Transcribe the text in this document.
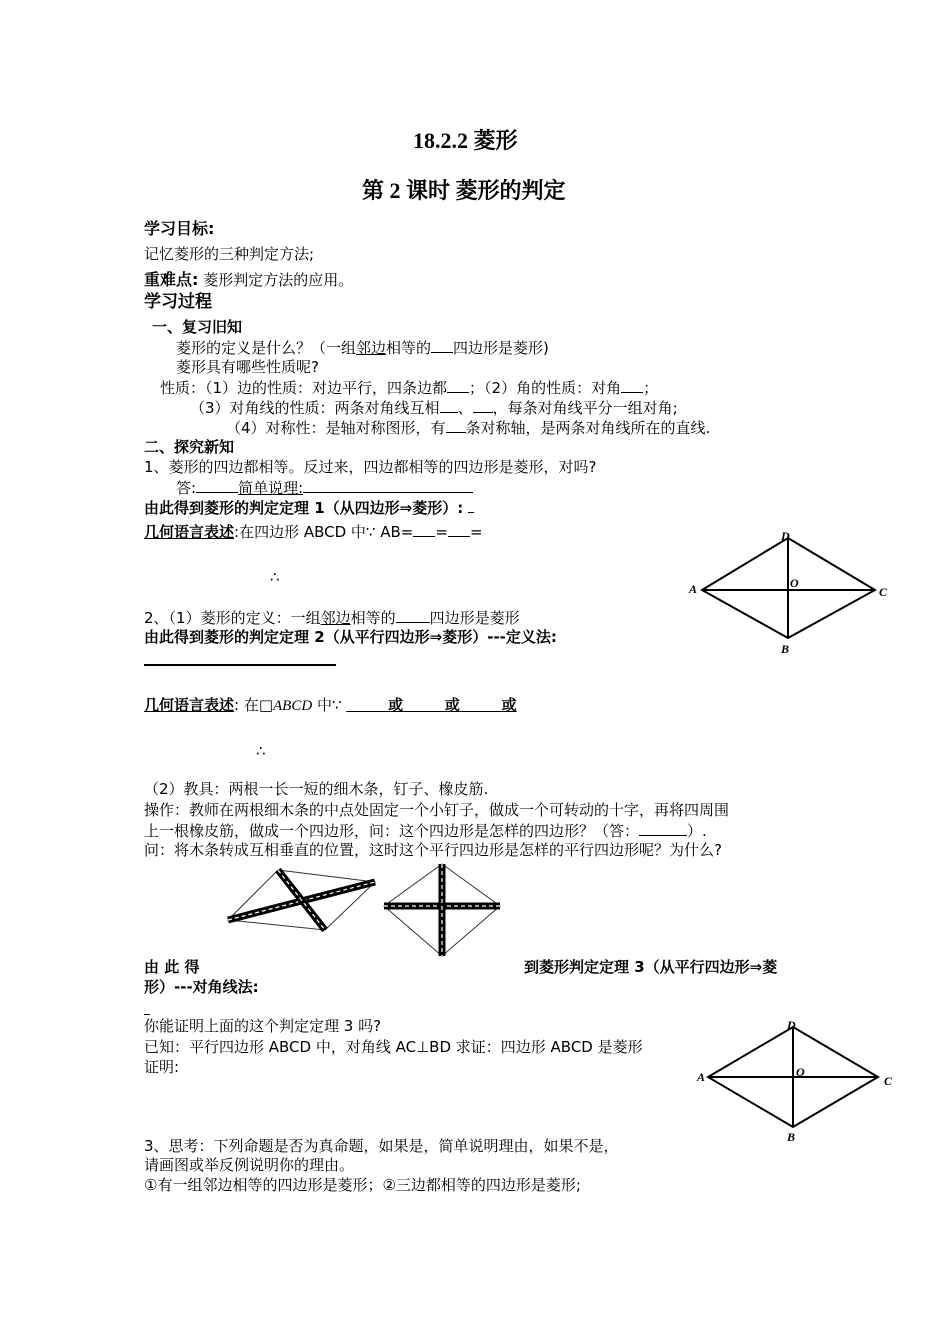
18.2.2 菱形
第 2 课时 菱形的判定
学习目标:
记忆菱形的三种判定方法;
重难点: 菱形判定方法的应用。
学习过程
一、复习旧知
菱形的定义是什么？（一组邻边相等的 四边形是菱形)
菱形具有哪些性质呢?
性质：（1）边的性质：对边平行，四条边都 ；（2）角的性质：对角 ；
（3）对角线的性质：两条对角线互相 、 ，每条对角线平分一组对角;
（4）对称性：是轴对称图形，有 条对称轴，是两条对角线所在的直线.
二、探究新知
1、菱形的四边都相等。反过来，四边都相等的四边形是菱形，对吗?
答:	简单说理:
由此得到菱形的判定定理 1（从四边形⇒菱形）:
几何语言表述:在四边形 ABCD 中∵ AB= = =
∴
D
A	O
C
B
2、（1）菱形的定义：一组邻边相等的 四边形是菱形
由此得到菱形的判定定理 2（从平行四边形⇒菱形）---定义法:
几何语言表述: 在□ABCD 中∵	或	或	或
∴
（2）教具：两根一长一短的细木条，钉子、橡皮筋.
操作：教师在两根细木条的中点处固定一个小钉子，做成一个可转动的十字，再将四周围
上一根橡皮筋，做成一个四边形，问：这个四边形是怎样的四边形？（答：	）.
问：将木条转成互相垂直的位置，这时这个平行四边形是怎样的平行四边形呢？为什么?
由 此 得	到菱形判定定理 3（从平行四边形⇒菱
形）---对角线法:
你能证明上面的这个判定定理 3 吗?
已知：平行四边形 ABCD 中，对角线 AC⊥BD 求证：四边形 ABCD 是菱形
证明:
D
A	O
C
B
3、思考：下列命题是否为真命题，如果是，简单说明理由，如果不是，
请画图或举反例说明你的理由。
①有一组邻边相等的四边形是菱形；②三边都相等的四边形是菱形;
